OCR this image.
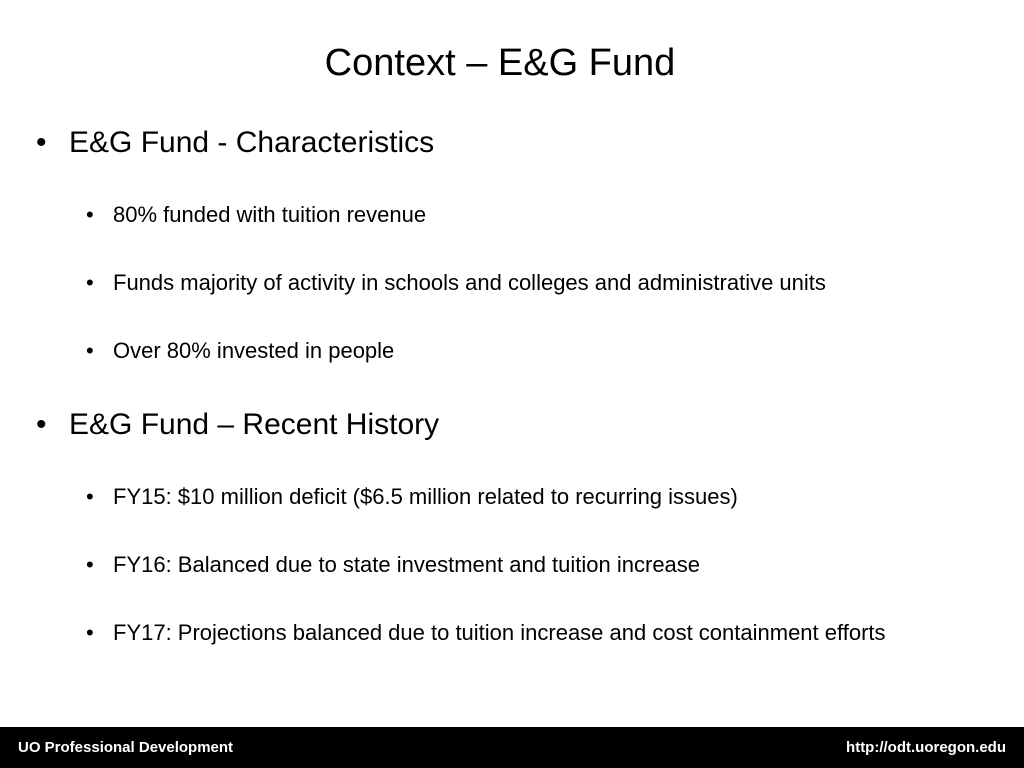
Context – E&G Fund
• E&G Fund - Characteristics
• 80% funded with tuition revenue
• Funds majority of activity in schools and colleges and administrative units
• Over 80% invested in people
• E&G Fund – Recent History
• FY15: $10 million deficit ($6.5 million related to recurring issues)
• FY16: Balanced due to state investment and tuition increase
• FY17: Projections balanced due to tuition increase and cost containment efforts
UO Professional Development	http://odt.uoregon.edu
